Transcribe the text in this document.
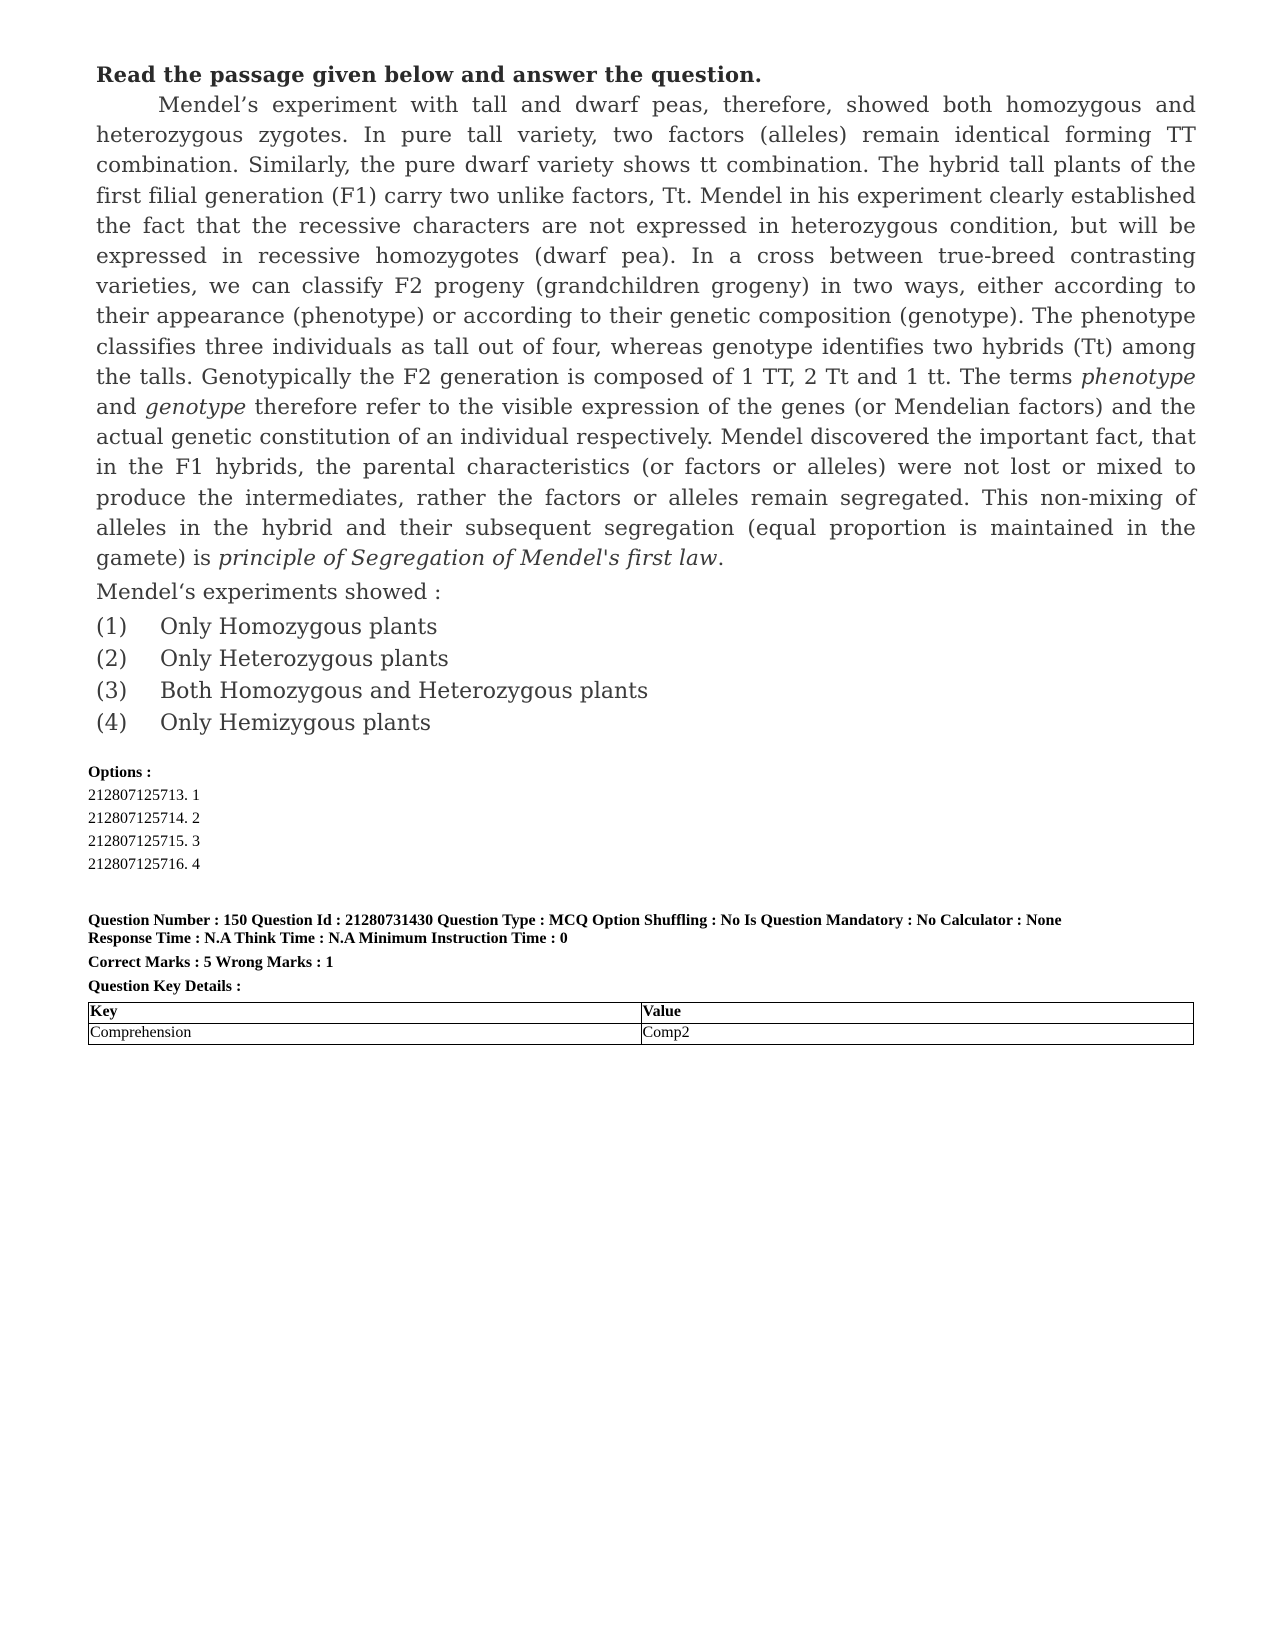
Read the passage given below and answer the question.

Mendel’s experiment with tall and dwarf peas, therefore, showed both homozygous and heterozygous zygotes. In pure tall variety, two factors (alleles) remain identical forming TT combination. Similarly, the pure dwarf variety shows tt combination. The hybrid tall plants of the first filial generation (F1) carry two unlike factors, Tt. Mendel in his experiment clearly established the fact that the recessive characters are not expressed in heterozygous condition, but will be expressed in recessive homozygotes (dwarf pea). In a cross between true-breed contrasting varieties, we can classify F2 progeny (grandchildren grogeny) in two ways, either according to their appearance (phenotype) or according to their genetic composition (genotype). The phenotype classifies three individuals as tall out of four, whereas genotype identifies two hybrids (Tt) among the talls. Genotypically the F2 generation is composed of 1 TT, 2 Tt and 1 tt. The terms phenotype and genotype therefore refer to the visible expression of the genes (or Mendelian factors) and the actual genetic constitution of an individual respectively. Mendel discovered the important fact, that in the F1 hybrids, the parental characteristics (or factors or alleles) were not lost or mixed to produce the intermediates, rather the factors or alleles remain segregated. This non-mixing of alleles in the hybrid and their subsequent segregation (equal proportion is maintained in the gamete) is principle of Segregation of Mendel's first law.

Mendel‘s experiments showed :

(1)	Only Homozygous plants
(2)	Only Heterozygous plants
(3)	Both Homozygous and Heterozygous plants
(4)	Only Hemizygous plants
Options :
212807125713. 1
212807125714. 2
212807125715. 3
212807125716. 4
Question Number : 150 Question Id : 21280731430 Question Type : MCQ Option Shuffling : No Is Question Mandatory : No Calculator : None
Response Time : N.A Think Time : N.A Minimum Instruction Time : 0
Correct Marks : 5 Wrong Marks : 1
Question Key Details :
Key	Value
Comprehension	Comp2
